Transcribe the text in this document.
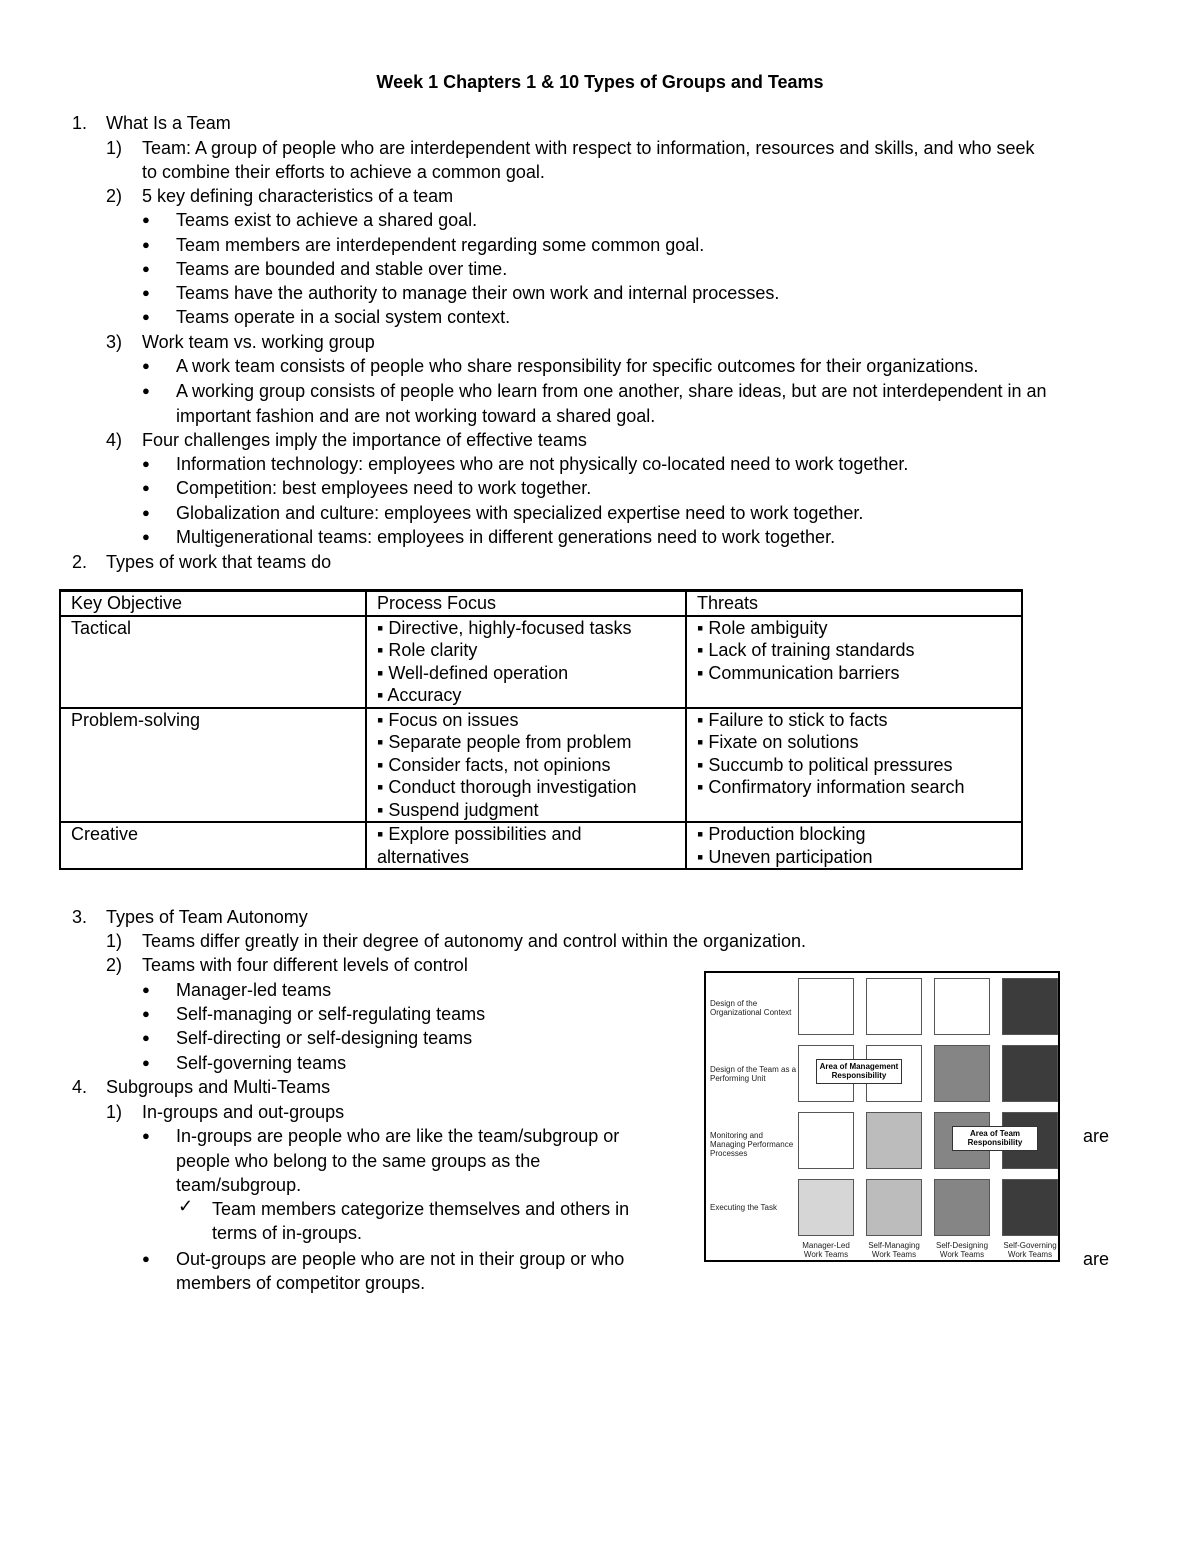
Week 1 Chapters 1 & 10 Types of Groups and Teams
1. What Is a Team
1) Team: A group of people who are interdependent with respect to information, resources and skills, and who seek
to combine their efforts to achieve a common goal.
2) 5 key defining characteristics of a team
● Teams exist to achieve a shared goal.
● Team members are interdependent regarding some common goal.
● Teams are bounded and stable over time.
● Teams have the authority to manage their own work and internal processes.
● Teams operate in a social system context.
3) Work team vs. working group
● A work team consists of people who share responsibility for specific outcomes for their organizations.
● A working group consists of people who learn from one another, share ideas, but are not interdependent in an
important fashion and are not working toward a shared goal.
4) Four challenges imply the importance of effective teams
● Information technology: employees who are not physically co-located need to work together.
● Competition: best employees need to work together.
● Globalization and culture: employees with specialized expertise need to work together.
● Multigenerational teams: employees in different generations need to work together.
2. Types of work that teams do
Key Objective	Process Focus	Threats
Tactical	▪ Directive, highly-focused tasks
▪ Role clarity
▪ Well-defined operation
▪ Accuracy	▪ Role ambiguity
▪ Lack of training standards
▪ Communication barriers

Problem-solving	▪ Focus on issues
▪ Separate people from problem
▪ Consider facts, not opinions
▪ Conduct thorough investigation
▪ Suspend judgment	▪ Failure to stick to facts
▪ Fixate on solutions
▪ Succumb to political pressures
▪ Confirmatory information search

Creative	▪ Explore possibilities and
alternatives	▪ Production blocking
▪ Uneven participation
3. Types of Team Autonomy
1) Teams differ greatly in their degree of autonomy and control within the organization.
2) Teams with four different levels of control
● Manager-led teams
● Self-managing or self-regulating teams
● Self-directing or self-designing teams
● Self-governing teams
4. Subgroups and Multi-Teams
1) In-groups and out-groups
● In-groups are people who are like the team/subgroup or
people who belong to the same groups as the
team/subgroup.
✓ Team members categorize themselves and others in
terms of in-groups.
● Out-groups are people who are not in their group or who
members of competitor groups.
are
are
Design of the Organizational Context
Design of the Team as a Performing Unit
Monitoring and Managing Performance Processes
Executing the Task
Area of Management Responsibility
Area of Team Responsibility
Manager-Led Work Teams
Self-Managing Work Teams
Self-Designing Work Teams
Self-Governing Work Teams
